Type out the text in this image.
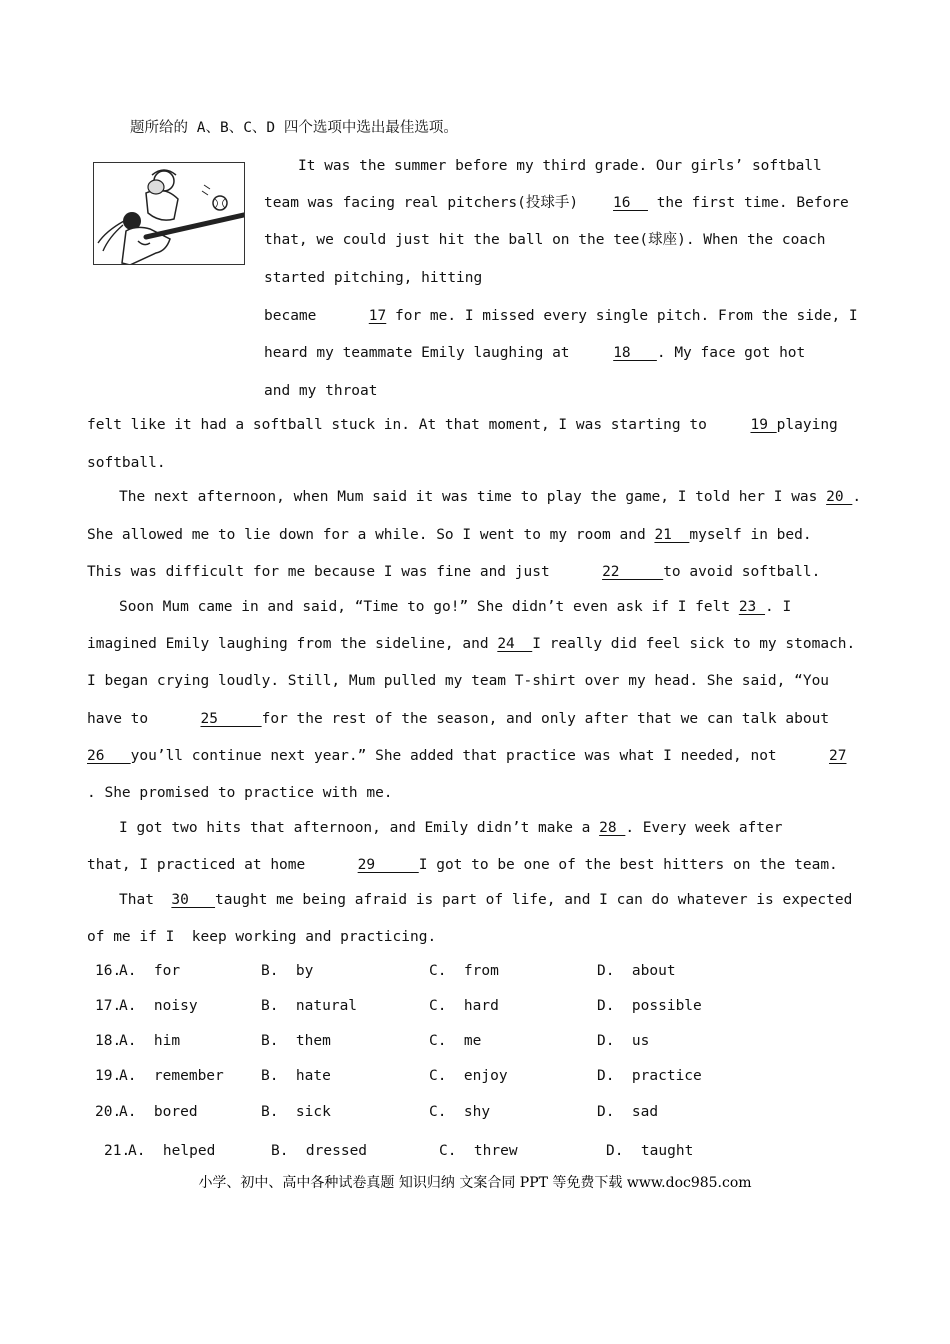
题所给的 A、B、C、D 四个选项中选出最佳选项。
It was the summer before my third grade. Our girls’ softball
team was facing real pitchers(投球手) 16   the first time. Before
that, we could just hit the ball on the tee(球座). When the coach
started pitching, hitting
became	17 for me. I missed every single pitch. From the side, I
heard my teammate Emily laughing at	18   . My face got hot
and my throat
felt like it had a softball stuck in. At that moment, I was starting to	19 playing
softball.
The next afternoon, when Mum said it was time to play the game, I told her I was 20 .
She allowed me to lie down for a while. So I went to my room and 21  myself in bed.
This was difficult for me because I was fine and just	22     to avoid softball.
Soon Mum came in and said, “Time to go!” She didn’t even ask if I felt 23 . I
imagined Emily laughing from the sideline, and 24  I really did feel sick to my stomach.
I began crying loudly. Still, Mum pulled my team T-shirt over my head. She said, “You
have to	25     for the rest of the season, and only after that we can talk about
26   you’ll continue next year.” She added that practice was what I needed, not	27
. She promised to practice with me.
I got two hits that afternoon, and Emily didn’t make a 28 . Every week after
that, I practiced at home	29     I got to be one of the best hitters on the team.
That 30   taught me being afraid is part of life, and I can do whatever is expected
of me if I  keep working and practicing.
16.
A.  for	B.  by	C.  from	D.  about
17.
A.  noisy	B.  natural	C.  hard	D.  possible
18.
A.  him	B.  them	C.  me	D.  us
19.
A.  remember	B.  hate	C.  enjoy	D.  practice
20.
A.  bored	B.  sick	C.  shy	D.  sad
21.
A.  helped	B.  dressed	C.  threw	D.  taught
小学、初中、高中各种试卷真题 知识归纳 文案合同 PPT 等免费下载 www.doc985.com
